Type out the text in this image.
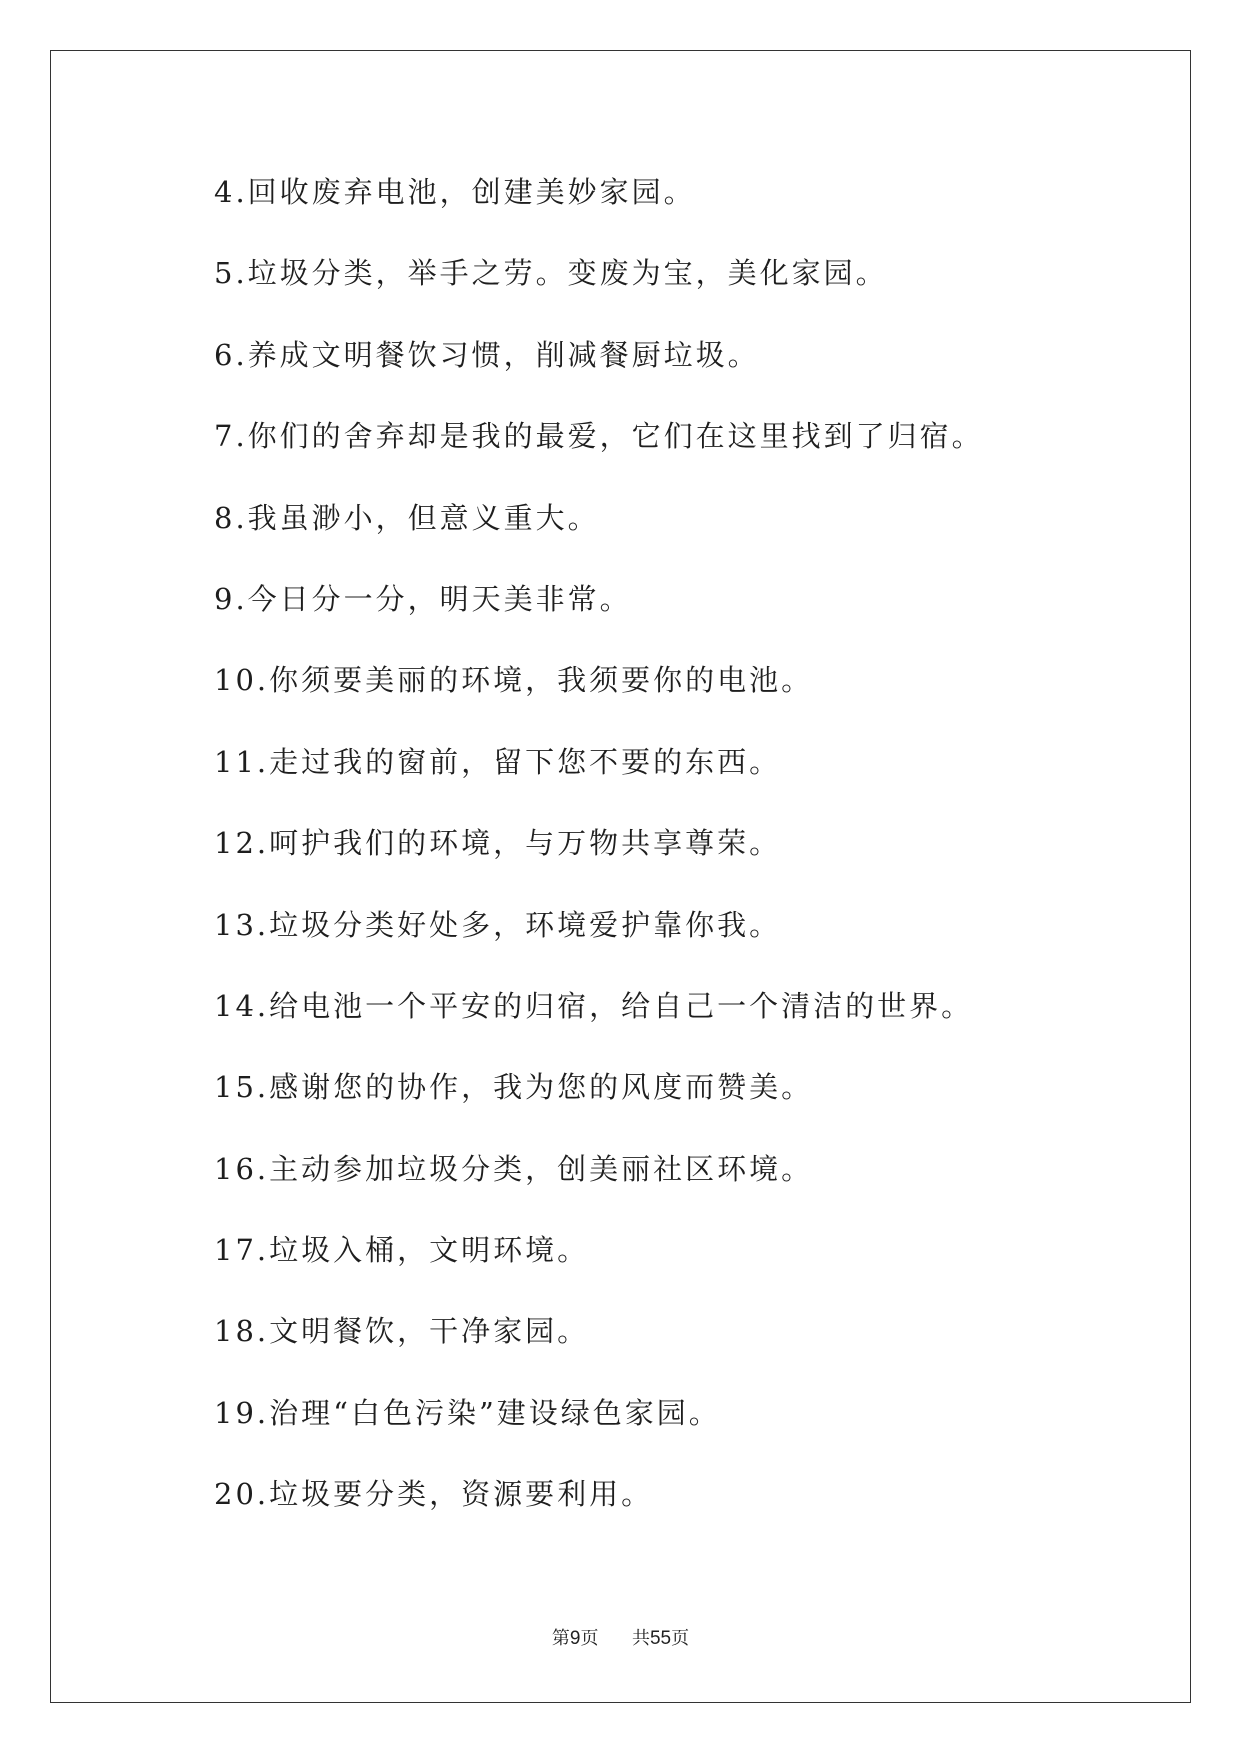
4.回收废弃电池，创建美妙家园。
5.垃圾分类，举手之劳。变废为宝，美化家园。
6.养成文明餐饮习惯，削减餐厨垃圾。
7.你们的舍弃却是我的最爱，它们在这里找到了归宿。
8.我虽渺小，但意义重大。
9.今日分一分，明天美非常。
10.你须要美丽的环境，我须要你的电池。
11.走过我的窗前，留下您不要的东西。
12.呵护我们的环境，与万物共享尊荣。
13.垃圾分类好处多，环境爱护靠你我。
14.给电池一个平安的归宿，给自己一个清洁的世界。
15.感谢您的协作，我为您的风度而赞美。
16.主动参加垃圾分类，创美丽社区环境。
17.垃圾入桶，文明环境。
18.文明餐饮，干净家园。
19.治理“白色污染”建设绿色家园。
20.垃圾要分类，资源要利用。
第9页 共55页
